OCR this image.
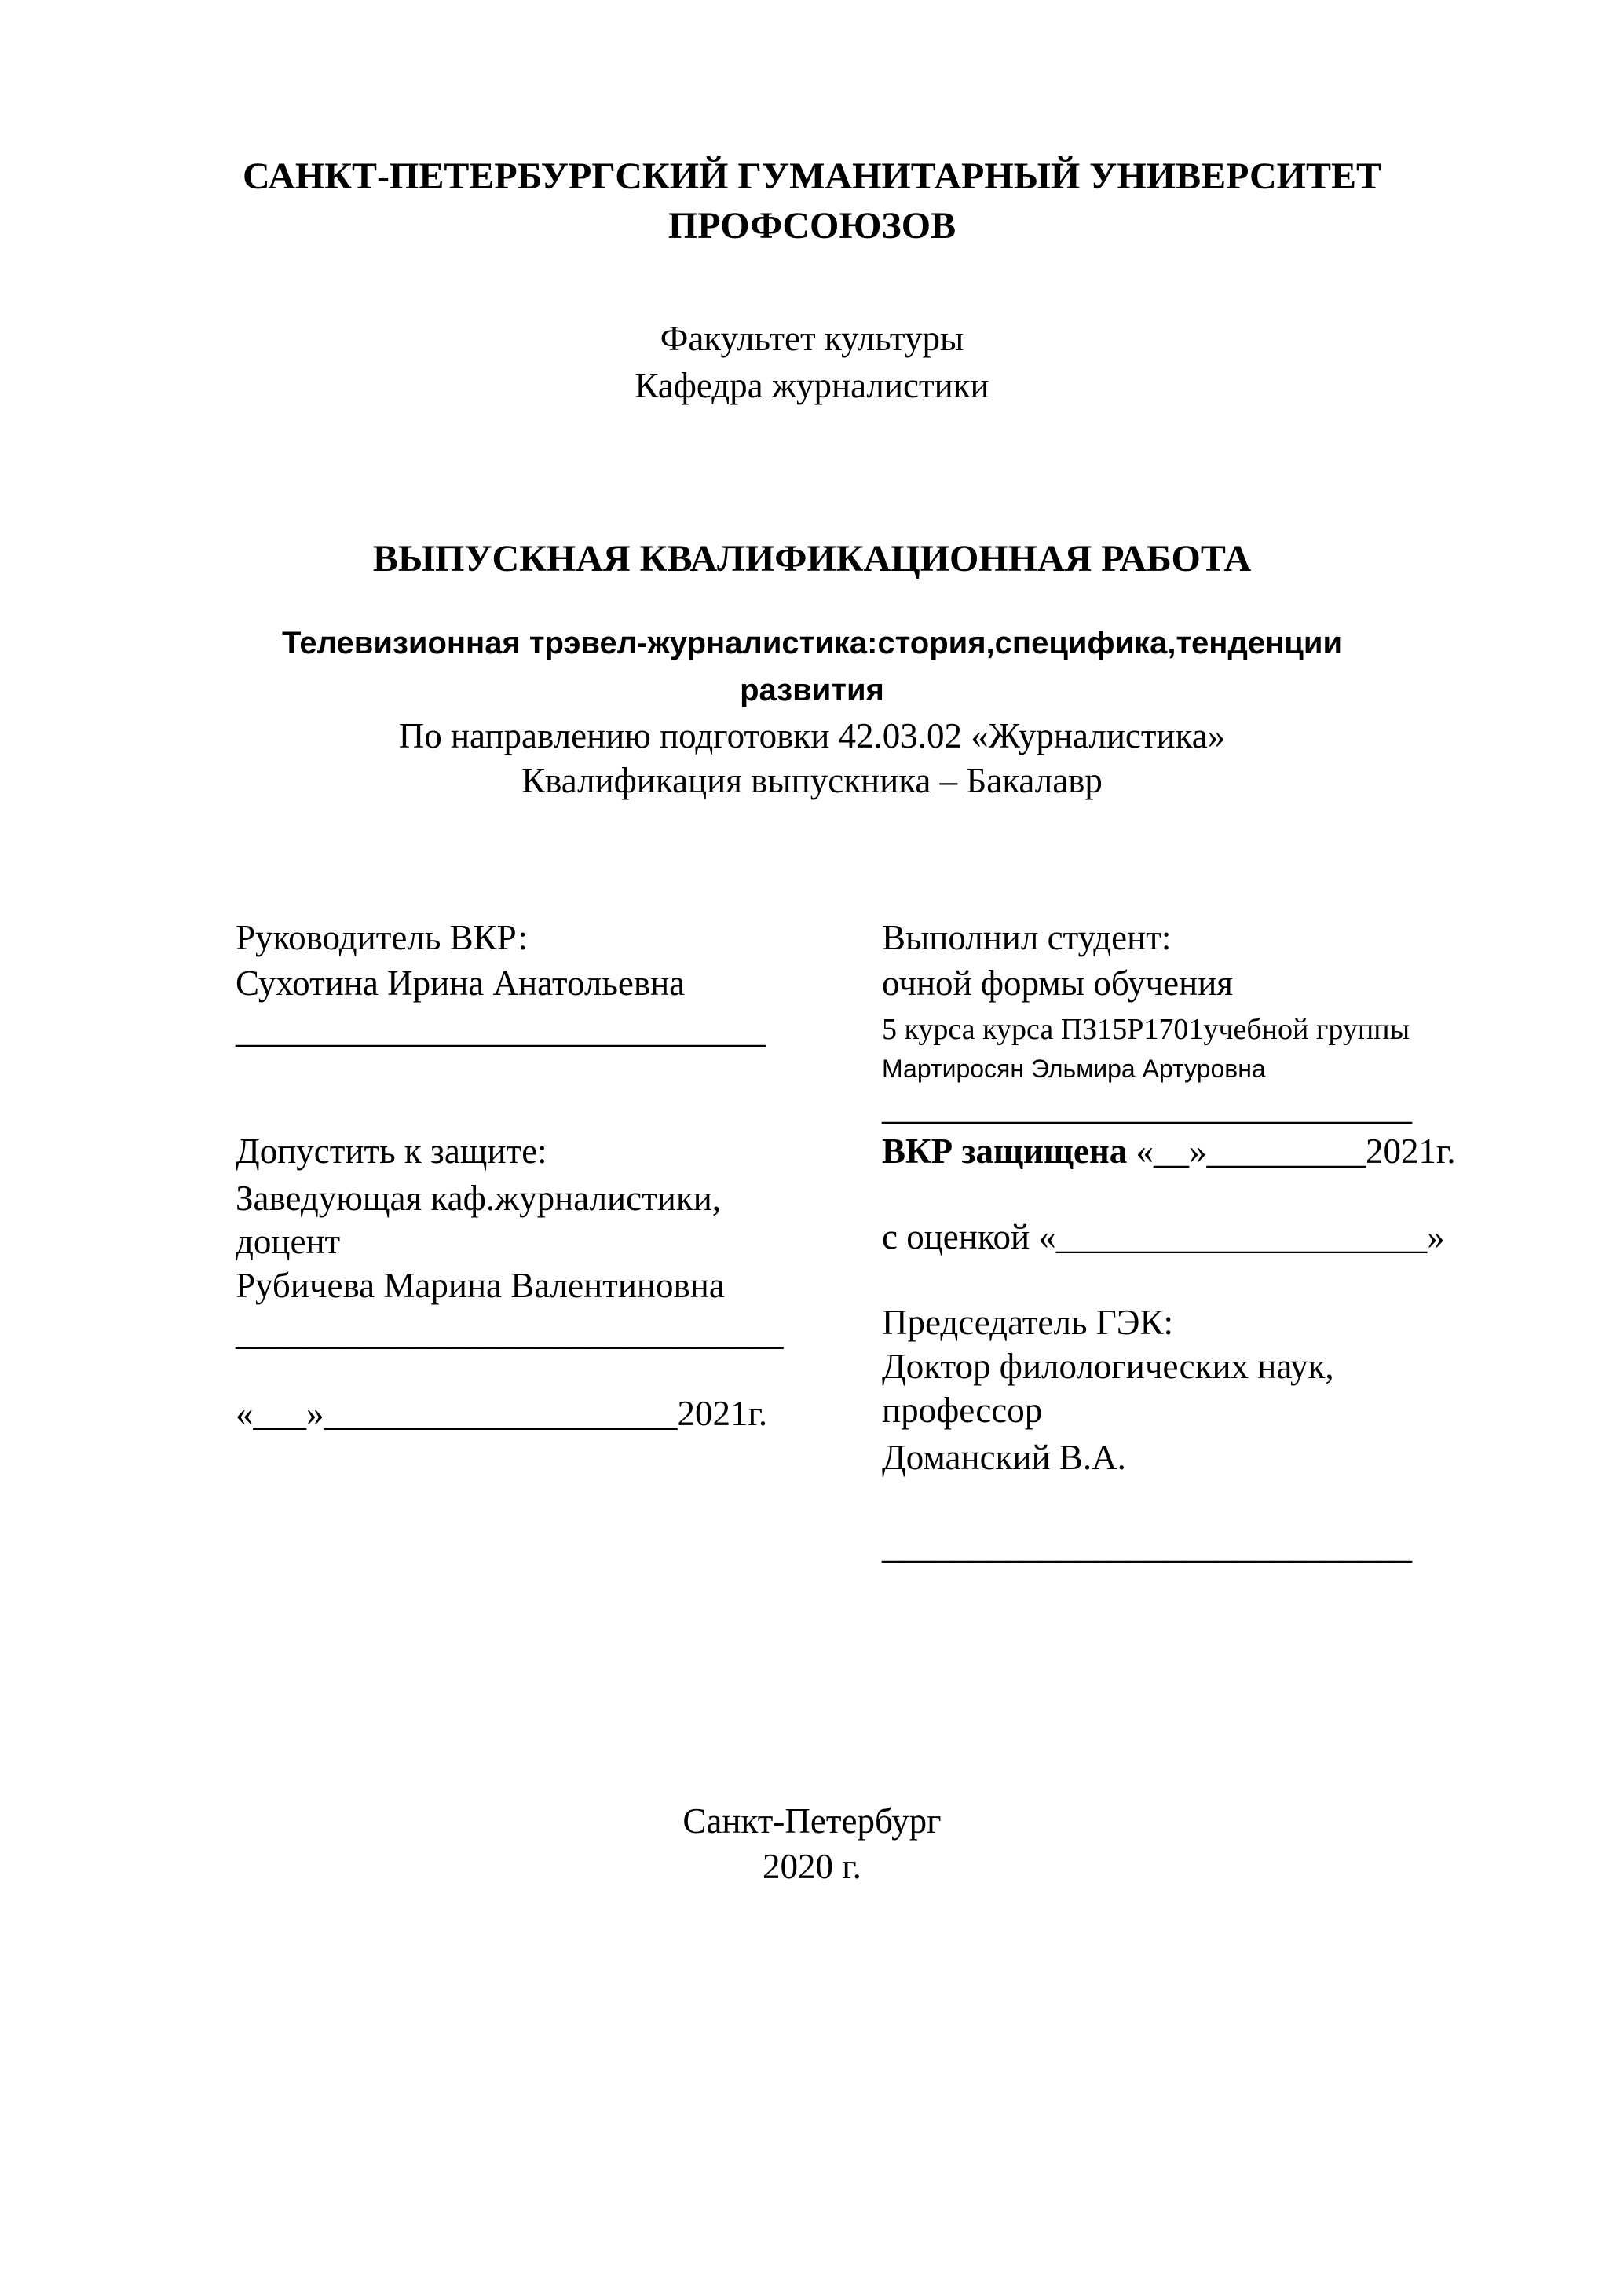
САНКТ-ПЕТЕРБУРГСКИЙ ГУМАНИТАРНЫЙ УНИВЕРСИТЕТ
ПРОФСОЮЗОВ
Факультет культуры
Кафедра журналистики
ВЫПУСКНАЯ КВАЛИФИКАЦИОННАЯ РАБОТА
Телевизионная трэвел-журналистика:стория,специфика,тенденции
развития
По направлению подготовки 42.03.02 «Журналистика»
Квалификация выпускника – Бакалавр
Руководитель ВКР:
Сухотина Ирина Анатольевна
______________________________
Допустить к защите:
Заведующая каф.журналистики,
доцент
Рубичева Марина Валентиновна
_______________________________
«___»____________________2021г.
Выполнил студент:
очной формы обучения
5 курса курса ПЗ15Р1701учебной группы
Мартиросян Эльмира Артуровна
______________________________
ВКР защищена «__»_________2021г.
с оценкой «_____________________»
Председатель ГЭК:
Доктор филологических наук,
профессор
Доманский В.А.
______________________________
Санкт-Петербург
2020 г.
